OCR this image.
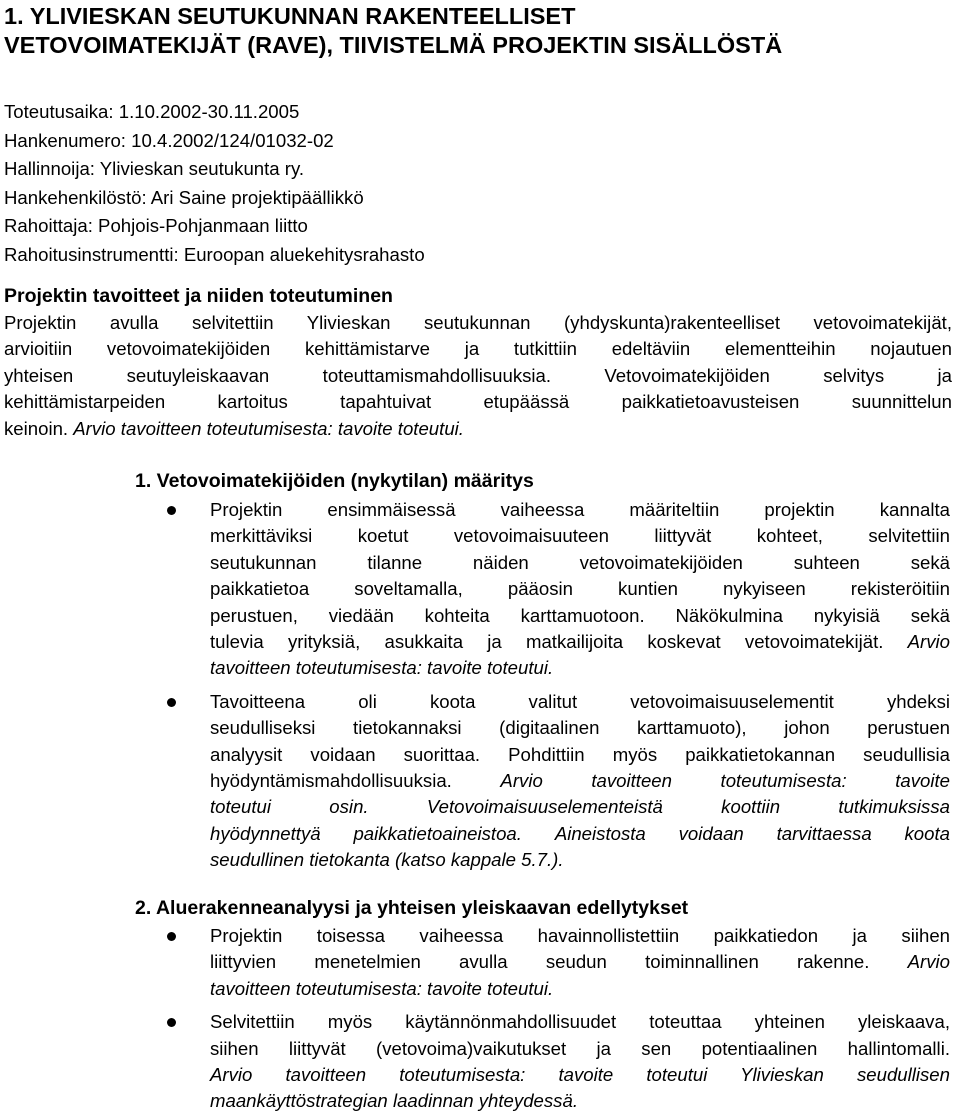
1. YLIVIESKAN SEUTUKUNNAN RAKENTEELLISET
VETOVOIMATEKIJÄT (RAVE), TIIVISTELMÄ PROJEKTIN SISÄLLÖSTÄ
Toteutusaika: 1.10.2002-30.11.2005
Hankenumero: 10.4.2002/124/01032-02
Hallinnoija: Ylivieskan seutukunta ry.
Hankehenkilöstö: Ari Saine projektipäällikkö
Rahoittaja: Pohjois-Pohjanmaan liitto
Rahoitusinstrumentti: Euroopan aluekehitysrahasto
Projektin tavoitteet ja niiden toteutuminen
Projektin avulla selvitettiin Ylivieskan seutukunnan (yhdyskunta)rakenteelliset vetovoimatekijät,
arvioitiin vetovoimatekijöiden kehittämistarve ja tutkittiin edeltäviin elementteihin nojautuen
yhteisen seutuyleiskaavan toteuttamismahdollisuuksia. Vetovoimatekijöiden selvitys ja
kehittämistarpeiden kartoitus tapahtuivat etupäässä paikkatietoavusteisen suunnittelun
keinoin. Arvio tavoitteen toteutumisesta: tavoite toteutui.
1. Vetovoimatekijöiden (nykytilan) määritys
Projektin ensimmäisessä vaiheessa määriteltiin projektin kannalta
merkittäviksi koetut vetovoimaisuuteen liittyvät kohteet, selvitettiin
seutukunnan tilanne näiden vetovoimatekijöiden suhteen sekä
paikkatietoa soveltamalla, pääosin kuntien nykyiseen rekisteröitiin
perustuen, viedään kohteita karttamuotoon. Näkökulmina nykyisiä sekä
tulevia yrityksiä, asukkaita ja matkailijoita koskevat vetovoimatekijät. Arvio
tavoitteen toteutumisesta: tavoite toteutui.
Tavoitteena oli koota valitut vetovoimaisuuselementit yhdeksi
seudulliseksi tietokannaksi (digitaalinen karttamuoto), johon perustuen
analyysit voidaan suorittaa. Pohdittiin myös paikkatietokannan seudullisia
hyödyntämismahdollisuuksia.	Arvio tavoitteen toteutumisesta: tavoite
toteutui osin.	Vetovoimaisuuselementeistä koottiin tutkimuksissa
hyödynnettyä paikkatietoaineistoa. Aineistosta voidaan tarvittaessa koota
seudullinen tietokanta (katso kappale 5.7.).
2. Aluerakenneanalyysi ja yhteisen yleiskaavan edellytykset
Projektin toisessa vaiheessa havainnollistettiin paikkatiedon ja siihen
liittyvien menetelmien avulla seudun toiminnallinen rakenne. Arvio
tavoitteen toteutumisesta: tavoite toteutui.
Selvitettiin myös käytännönmahdollisuudet toteuttaa yhteinen yleiskaava,
siihen liittyvät (vetovoima)vaikutukset ja sen potentiaalinen hallintomalli.
Arvio tavoitteen toteutumisesta: tavoite toteutui Ylivieskan seudullisen
maankäyttöstrategian laadinnan yhteydessä.
